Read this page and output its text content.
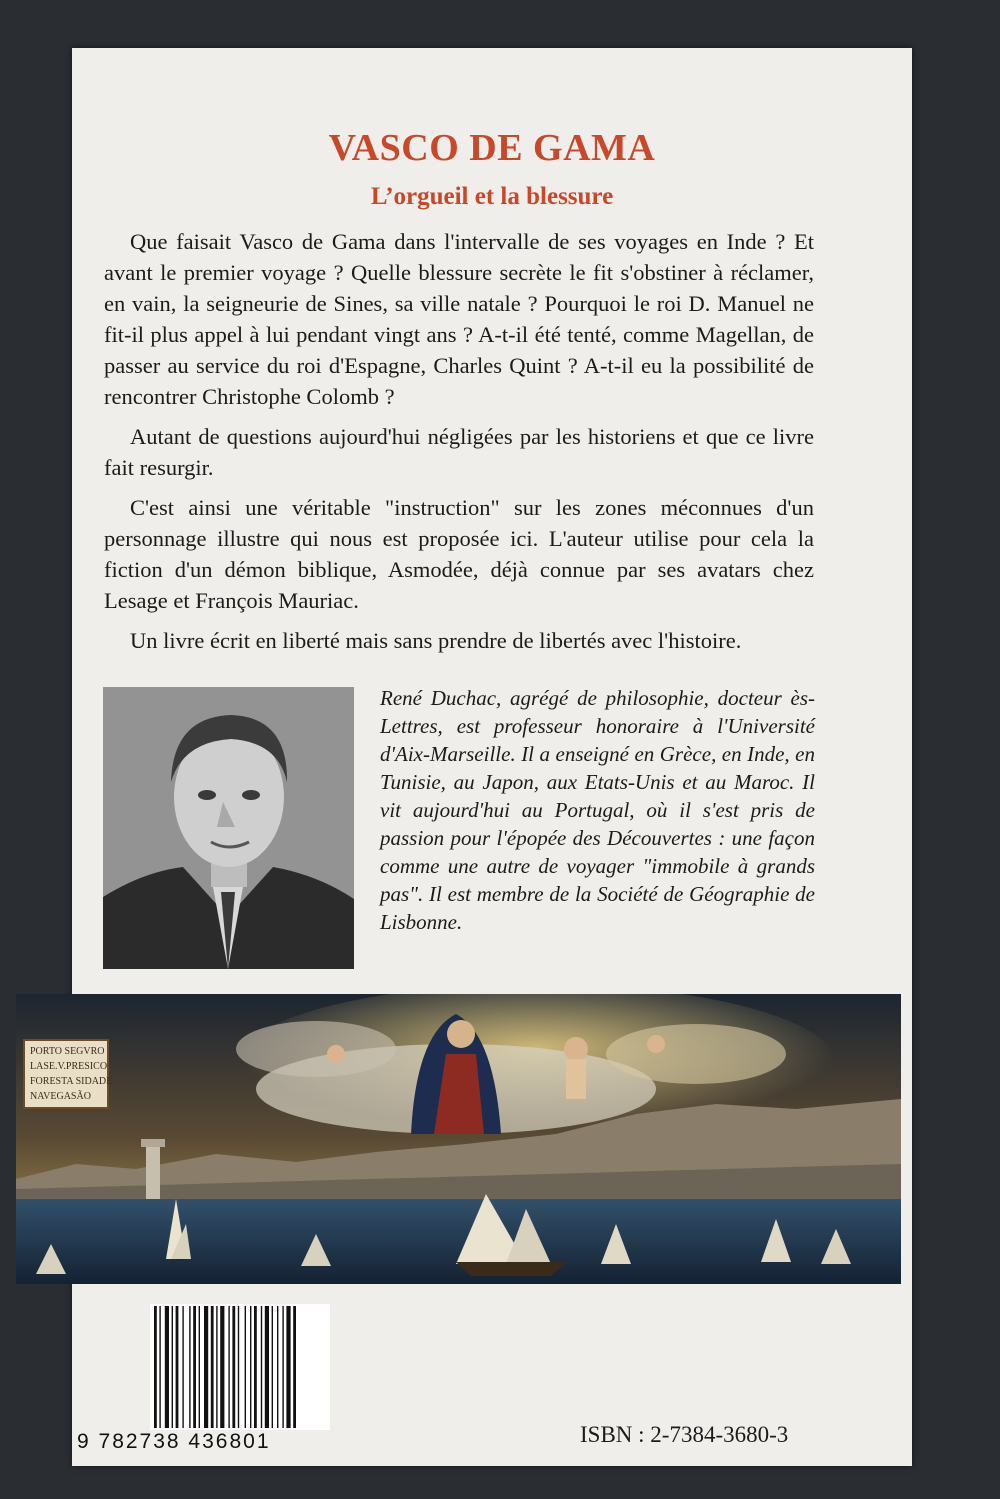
VASCO DE GAMA
L’orgueil et la blessure

Que faisait Vasco de Gama dans l'intervalle de ses voyages en Inde ? Et avant le premier voyage ? Quelle blessure secrète le fit s'obstiner à réclamer, en vain, la seigneurie de Sines, sa ville natale ? Pourquoi le roi D. Manuel ne fit-il plus appel à lui pendant vingt ans ? A-t-il été tenté, comme Magellan, de passer au service du roi d'Espagne, Charles Quint ? A-t-il eu la possibilité de rencontrer Christophe Colomb ?

Autant de questions aujourd'hui négligées par les historiens et que ce livre fait resurgir.

C'est ainsi une véritable "instruction" sur les zones méconnues d'un personnage illustre qui nous est proposée ici. L'auteur utilise pour cela la fiction d'un démon biblique, Asmodée, déjà connue par ses avatars chez Lesage et François Mauriac.

Un livre écrit en liberté mais sans prendre de libertés avec l'histoire.

René Duchac, agrégé de philosophie, docteur ès-Lettres, est professeur honoraire à l'Université d'Aix-Marseille. Il a enseigné en Grèce, en Inde, en Tunisie, au Japon, aux Etats-Unis et au Maroc. Il vit aujourd'hui au Portugal, où il s'est pris de passion pour l'épopée des Découvertes : une façon comme une autre de voyager "immobile à grands pas". Il est membre de la Société de Géographie de Lisbonne.
PORTO SEGVRO
LASE.V.PRESICO
FORESTA SIDADE
NAVEGASÃO
9 782738 436801	ISBN : 2-7384-3680-3
